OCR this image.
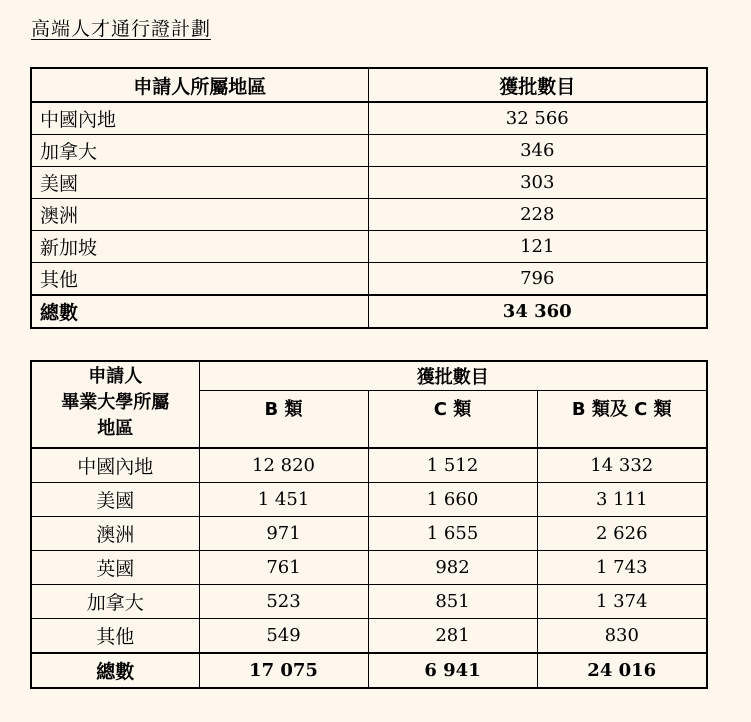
高端人才通行證計劃
申請人所屬地區	獲批數目
中國內地	32 566
加拿大	346
美國	303
澳洲	228
新加坡	121
其他	796
總數	34 360
申請人
畢業大學所屬
地區	獲批數目		
	B 類	C 類	B 類及 C 類
中國內地	12 820	1 512	14 332
美國	1 451	1 660	3 111
澳洲	971	1 655	2 626
英國	761	982	1 743
加拿大	523	851	1 374
其他	549	281	830
總數	17 075	6 941	24 016
